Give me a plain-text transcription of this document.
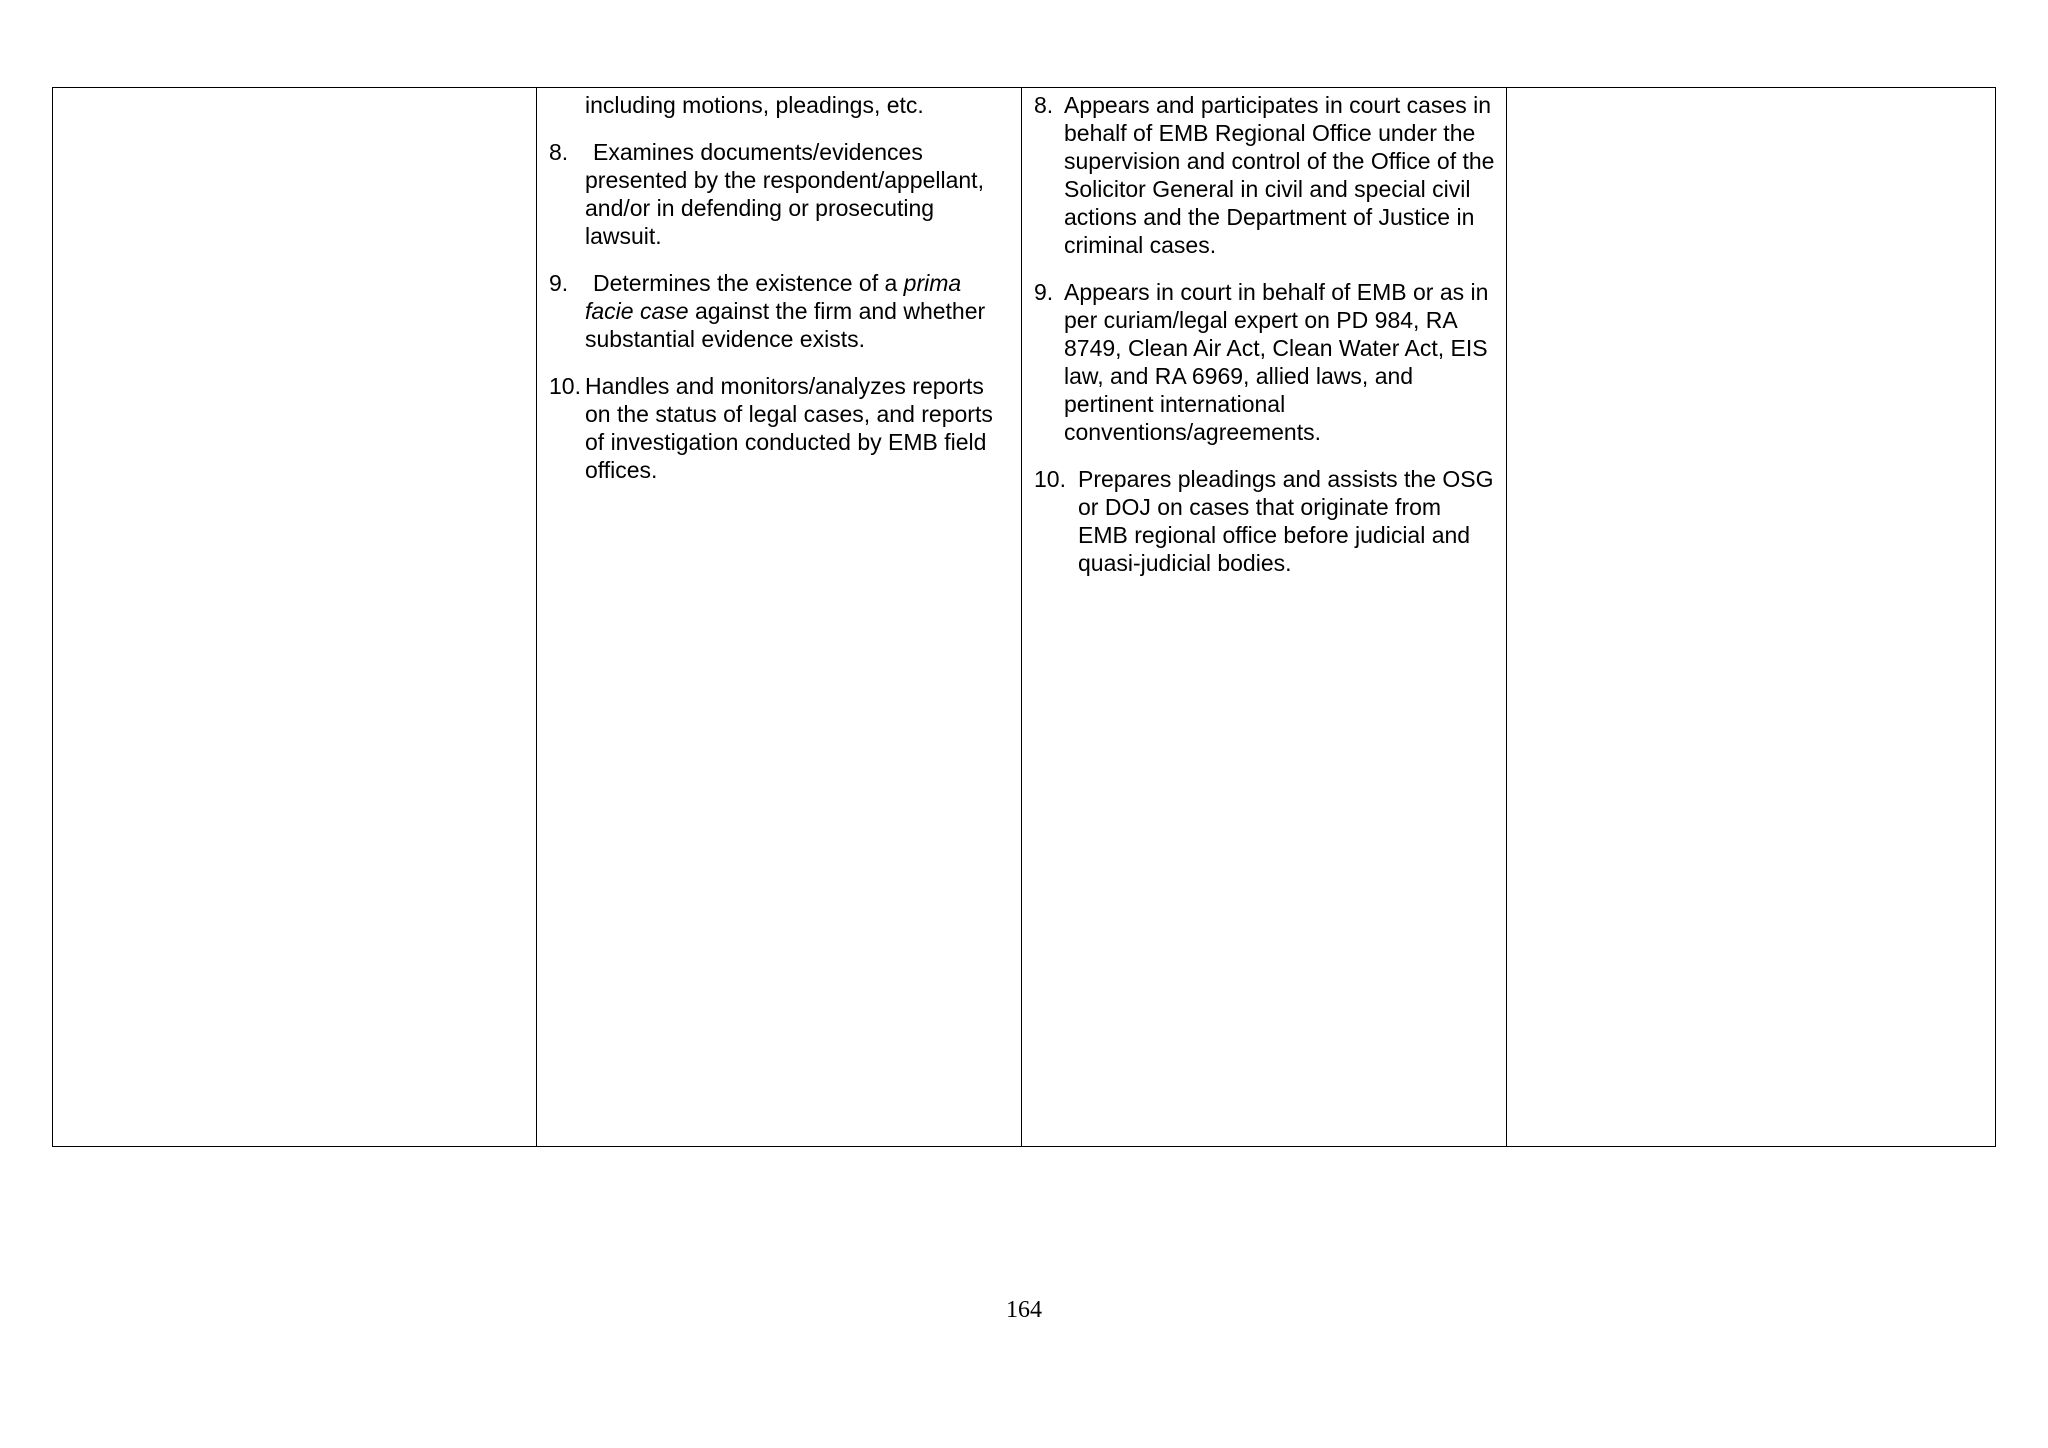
including motions, pleadings, etc.
8.	Examines documents/evidences presented by the respondent/appellant, and/or in defending or prosecuting lawsuit.
9.	Determines the existence of a prima facie case against the firm and whether substantial evidence exists.
10. Handles and monitors/analyzes reports on the status of legal cases, and reports of investigation conducted by EMB field offices.
8. Appears and participates in court cases in behalf of EMB Regional Office under the supervision and control of the Office of the Solicitor General in civil and special civil actions and the Department of Justice in criminal cases.
9. Appears in court in behalf of EMB or as in per curiam/legal expert on PD 984, RA 8749, Clean Air Act, Clean Water Act, EIS law, and RA 6969, allied laws, and pertinent international conventions/agreements.
10. Prepares pleadings and assists the OSG or DOJ on cases that originate from EMB regional office before judicial and quasi-judicial bodies.
164
